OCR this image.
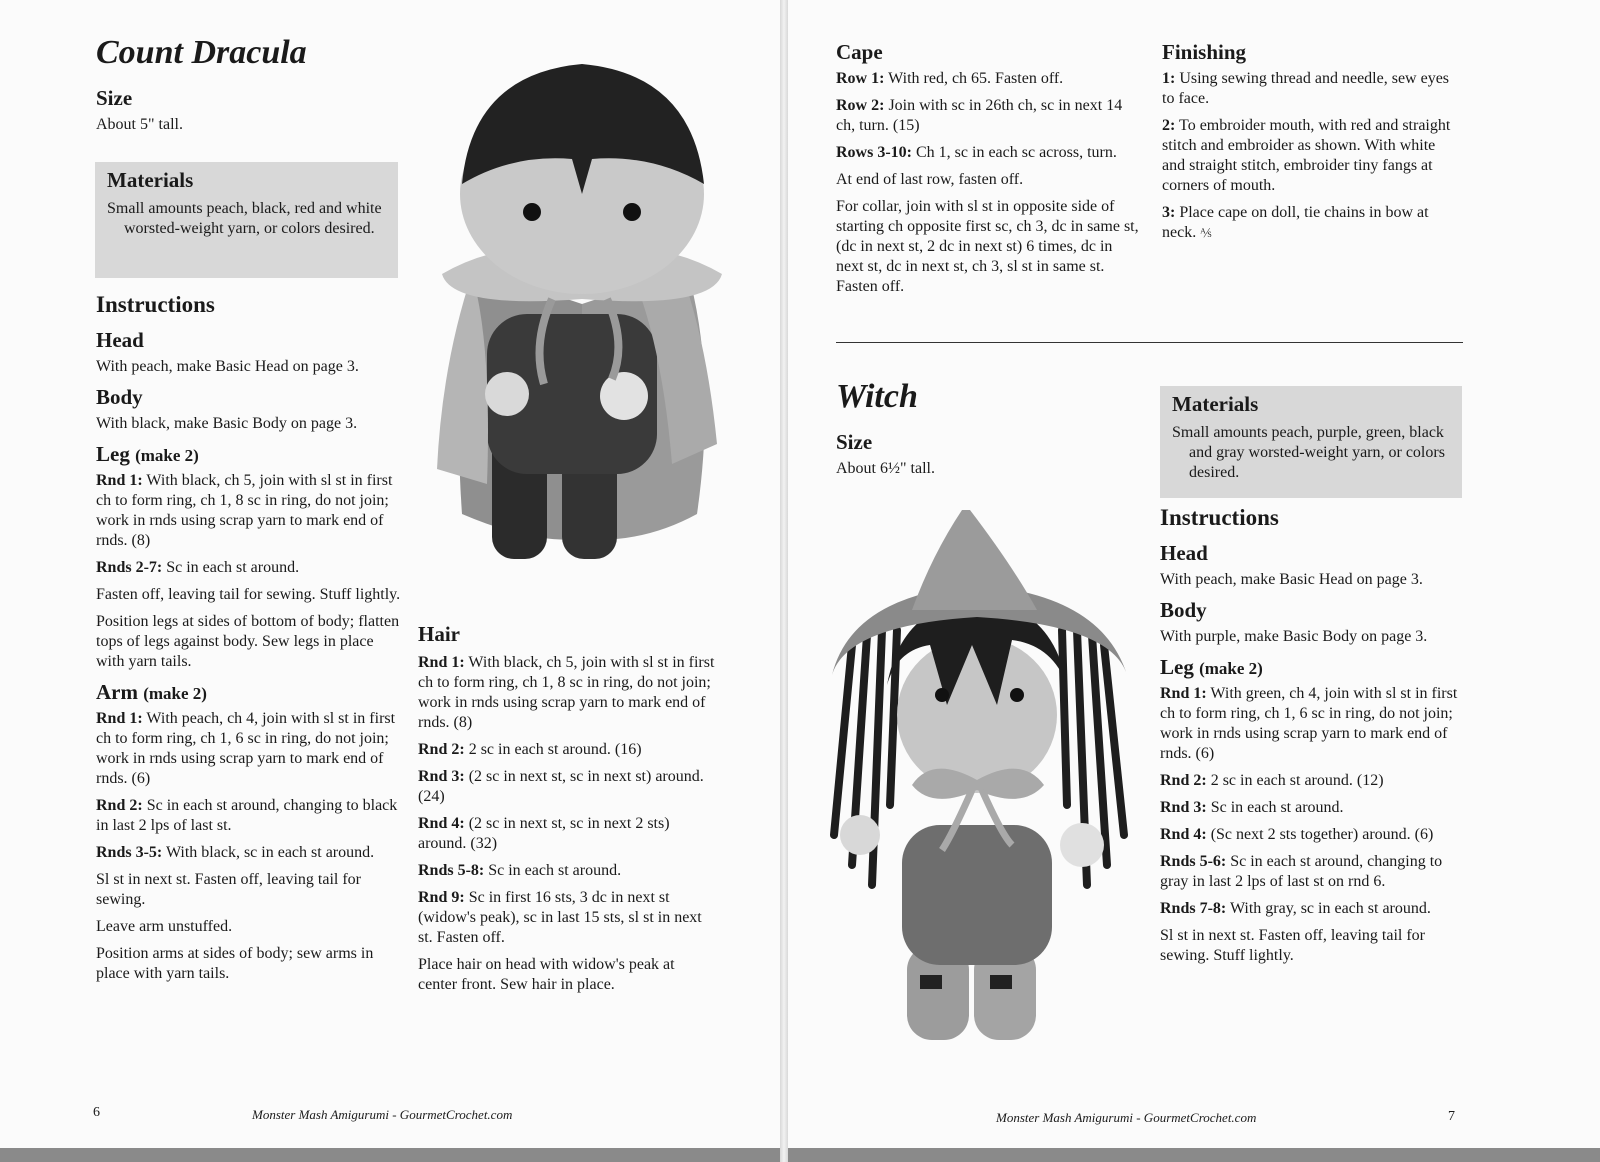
Count Dracula
Size

About 5" tall.

Materials

Small amounts peach, black, red and white worsted-weight yarn, or colors desired.

Instructions
Head

With peach, make Basic Head on page 3.

Body

With black, make Basic Body on page 3.

Leg (make 2)

Rnd 1: With black, ch 5, join with sl st in first ch to form ring, ch 1, 8 sc in ring, do not join; work in rnds using scrap yarn to mark end of rnds. (8)

Rnds 2-7: Sc in each st around.

Fasten off, leaving tail for sewing. Stuff lightly.

Position legs at sides of bottom of body; flatten tops of legs against body. Sew legs in place with yarn tails.

Arm (make 2)

Rnd 1: With peach, ch 4, join with sl st in first ch to form ring, ch 1, 6 sc in ring, do not join; work in rnds using scrap yarn to mark end of rnds. (6)

Rnd 2: Sc in each st around, changing to black in last 2 lps of last st.

Rnds 3-5: With black, sc in each st around.

Sl st in next st. Fasten off, leaving tail for sewing.

Leave arm unstuffed.

Position arms at sides of body; sew arms in place with yarn tails.

Hair

Rnd 1: With black, ch 5, join with sl st in first ch to form ring, ch 1, 8 sc in ring, do not join; work in rnds using scrap yarn to mark end of rnds. (8)

Rnd 2: 2 sc in each st around. (16)

Rnd 3: (2 sc in next st, sc in next st) around. (24)

Rnd 4: (2 sc in next st, sc in next 2 sts) around. (32)

Rnds 5-8: Sc in each st around.

Rnd 9: Sc in first 16 sts, 3 dc in next st (widow's peak), sc in last 15 sts, sl st in next st. Fasten off.

Place hair on head with widow's peak at center front. Sew hair in place.

6	Monster Mash Amigurumi - GourmetCrochet.com
Cape

Row 1: With red, ch 65. Fasten off.

Row 2: Join with sc in 26th ch, sc in next 14 ch, turn. (15)

Rows 3-10: Ch 1, sc in each sc across, turn.

At end of last row, fasten off.

For collar, join with sl st in opposite side of starting ch opposite first sc, ch 3, dc in same st, (dc in next st, 2 dc in next st) 6 times, dc in next st, dc in next st, ch 3, sl st in same st. Fasten off.

Finishing

1: Using sewing thread and needle, sew eyes to face.

2: To embroider mouth, with red and straight stitch and embroider as shown. With white and straight stitch, embroider tiny fangs at corners of mouth.

3: Place cape on doll, tie chains in bow at neck. ⅍

Witch
Size

About 6½" tall.

Materials

Small amounts peach, purple, green, black and gray worsted-weight yarn, or colors desired.

Instructions
Head

With peach, make Basic Head on page 3.

Body

With purple, make Basic Body on page 3.

Leg (make 2)

Rnd 1: With green, ch 4, join with sl st in first ch to form ring, ch 1, 6 sc in ring, do not join; work in rnds using scrap yarn to mark end of rnds. (6)

Rnd 2: 2 sc in each st around. (12)

Rnd 3: Sc in each st around.

Rnd 4: (Sc next 2 sts together) around. (6)

Rnds 5-6: Sc in each st around, changing to gray in last 2 lps of last st on rnd 6.

Rnds 7-8: With gray, sc in each st around.

Sl st in next st. Fasten off, leaving tail for sewing. Stuff lightly.

Monster Mash Amigurumi - GourmetCrochet.com	7
